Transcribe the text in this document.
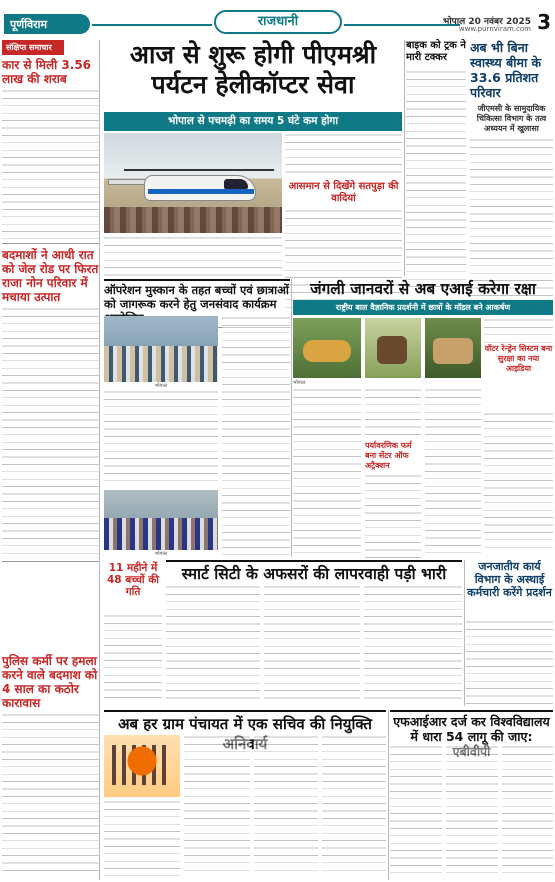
पूर्णविराम	राजधानी	भोपाल 20 नवंबर 2025
www.purnviram.com 3
संक्षिप्त समाचार
कार से मिली 3.56 लाख की शराब
बदमाशों ने आधी रात को जेल रोड पर फिरत राजा नोन परिवार में मचाया उत्पात
पुलिस कर्मी पर हमला करने वाले बदमाश को 4 साल का कठोर कारावास
आज से शुरू होगी पीएमश्री
पर्यटन हेलीकॉप्टर सेवा
भोपाल से पचमढ़ी का समय 5 घंटे कम होगा
आसमान से दिखेंगे सतपुड़ा की वादियां
बाइक को ट्रक ने मारी टक्कर
अब भी बिना स्वास्थ्य बीमा के 33.6 प्रतिशत परिवार
जीएमसी के सामुदायिक चिकित्सा विभाग के तत्व अध्ययन में खुलासा
ऑपरेशन मुस्कान के तहत बच्चों एवं छात्राओं को जागरूक करने हेतु जनसंवाद कार्यक्रम
भोपाल
जंगली जानवरों से अब एआई करेगा रक्षा
राष्ट्रीय बाल वैज्ञानिक प्रदर्शनी में छात्रों के मॉडल बने आकर्षण
वॉटर रेन्ड्रेन सिस्टम बना सुरक्षा का नया आइडिया
भोपाल
पर्यावरणिक फर्म बना सेंटर ऑफ अट्रैक्शन
भोपाल
11 महीने में 48 बच्चों की गति
स्मार्ट सिटी के अफसरों की लापरवाही पड़ी भारी	जनजातीय कार्य विभाग के अस्थाई कर्मचारी करेंगे प्रदर्शन
अब हर ग्राम पंचायत में एक सचिव की नियुक्ति अनिवार्य
एफआईआर दर्ज कर विश्वविद्यालय में धारा 54 लागू की जाए: एबीवीपी
